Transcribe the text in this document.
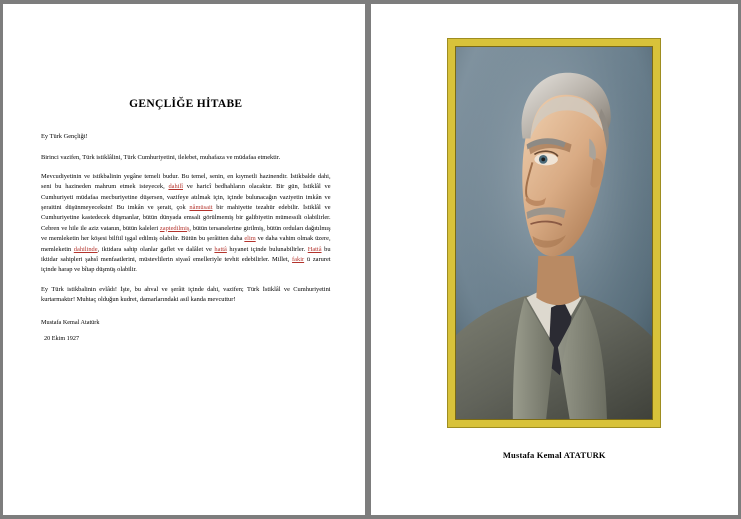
GENÇLİĞE HİTABE
Ey Türk Gençliği!
Birinci vazifen, Türk istiklâlini, Türk Cumhuriyetini, ilelebet, muhafaza ve müdafaa etmektir.
Mevcudiyetinin ve istikbalinin yegâne temeli budur. Bu temel, senin, en kıymetli hazinendir. İstikbalde dahi, seni bu hazineden mahrum etmek isteyecek, dahilî ve haricî bedhahların olacaktır. Bir gün, İstiklâl ve Cumhuriyeti müdafaa mecburiyetine düşersen, vazifeye atılmak için, içinde bulunacağın vaziyetin imkân ve şeraitini düşünmeyeceksin! Bu imkân ve şerait, çok nâmüsait bir mahiyette tezahür edebilir. İstiklâl ve Cumhuriyetine kastedecek düşmanlar, bütün dünyada emsali görülmemiş bir galibiyetin mümessili olabilirler. Cebren ve hile ile aziz vatanın, bütün kaleleri zaptedilmiş, bütün tersanelerine girilmiş, bütün orduları dağıtılmış ve memleketin her köşesi bilfiil işgal edilmiş olabilir. Bütün bu şerâitten daha elim ve daha vahim olmak üzere, memleketin dahilinde, iktidara sahip olanlar gaflet ve dalâlet ve hattâ hıyanet içinde bulunabilirler. Hattâ bu iktidar sahipleri şahsî menfaatlerini, müstevlilerin siyasî emelleriyle tevhit edebilirler. Millet, fakir ü zaruret içinde harap ve bîtap düşmüş olabilir.
Ey Türk istikbalinin evlâdı! İşte, bu ahval ve şerâit içinde dahi, vazifen; Türk İstiklâl ve Cumhuriyetini kurtarmaktır! Muhtaç olduğun kudret, damarlarındaki asil kanda mevcuttur!
Mustafa Kemal Atatürk
20 Ekim 1927
Mustafa Kemal ATATURK
